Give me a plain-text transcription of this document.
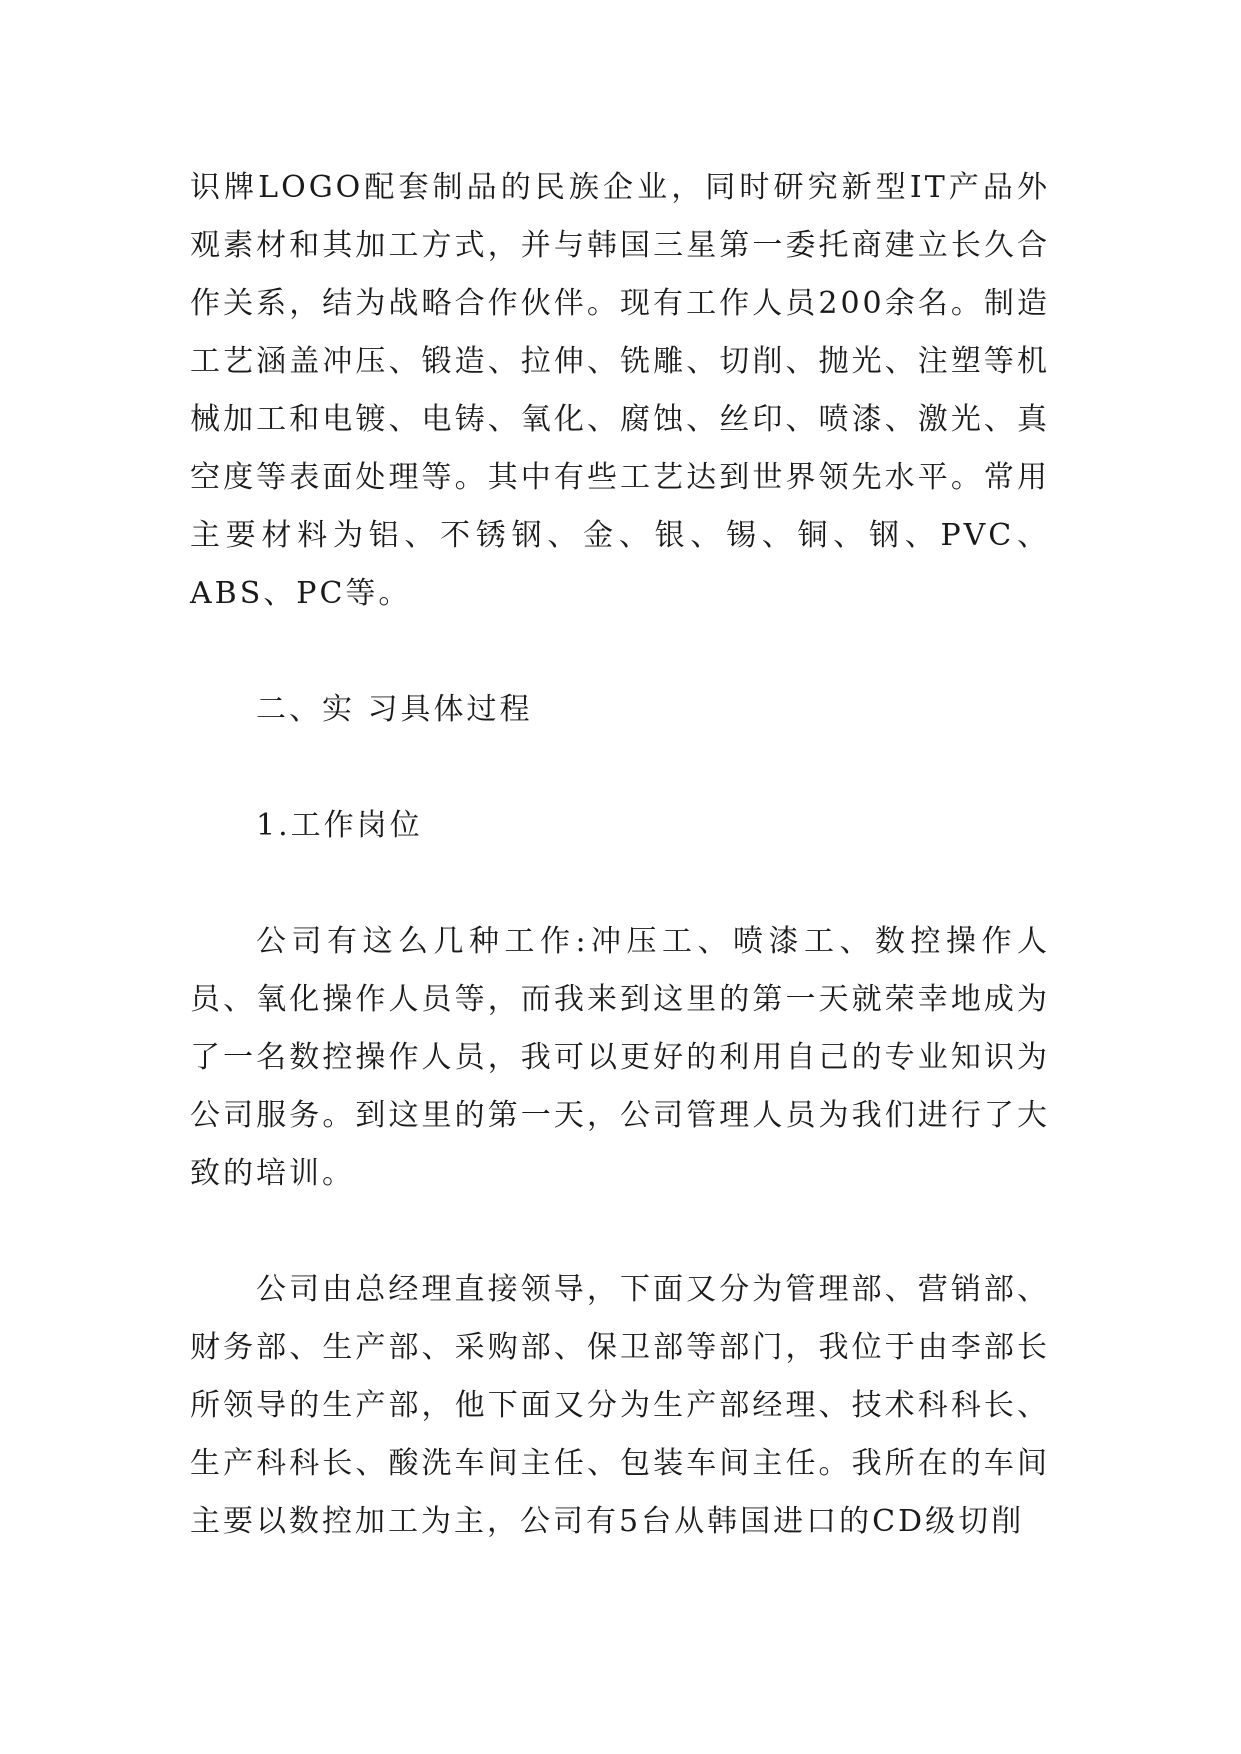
识牌LOGO配套制品的民族企业，同时研究新型IT产品外观素材和其加工方式，并与韩国三星第一委托商建立长久合作关系，结为战略合作伙伴。现有工作人员200余名。制造工艺涵盖冲压、锻造、拉伸、铣雕、切削、抛光、注塑等机械加工和电镀、电铸、氧化、腐蚀、丝印、喷漆、激光、真空度等表面处理等。其中有些工艺达到世界领先水平。常用主要材料为铝、不锈钢、金、银、锡、铜、钢、PVC、ABS、PC等。

二、实 习具体过程

1.工作岗位

公司有这么几种工作:冲压工、喷漆工、数控操作人员、氧化操作人员等，而我来到这里的第一天就荣幸地成为了一名数控操作人员，我可以更好的利用自己的专业知识为公司服务。到这里的第一天，公司管理人员为我们进行了大致的培训。

公司由总经理直接领导，下面又分为管理部、营销部、财务部、生产部、采购部、保卫部等部门，我位于由李部长所领导的生产部，他下面又分为生产部经理、技术科科长、生产科科长、酸洗车间主任、包装车间主任。我所在的车间主要以数控加工为主，公司有5台从韩国进口的CD级切削
